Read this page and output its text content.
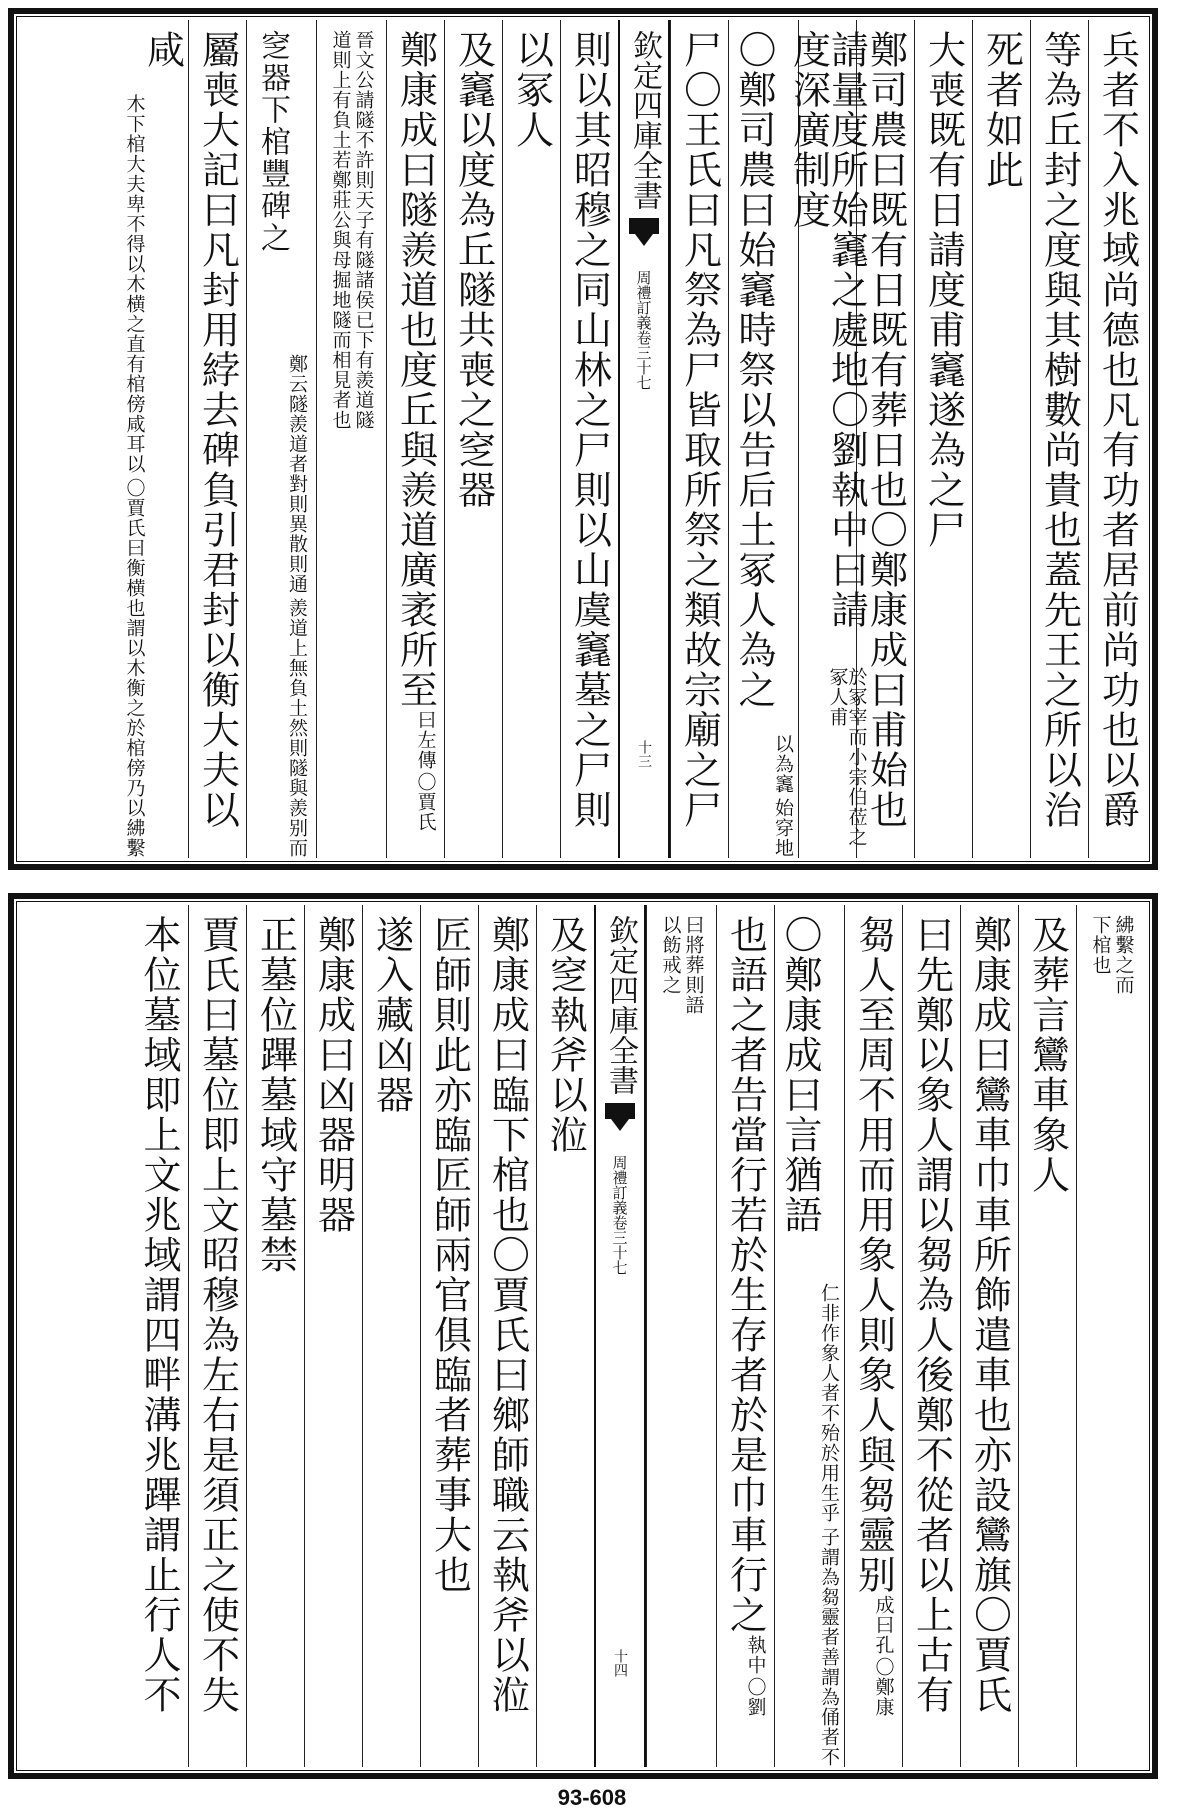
兵者不入兆域尚德也凡有功者居前尚功也以爵
等為丘封之度與其樹數尚貴也蓋先王之所以治
死者如此
大喪既有日請度甫竁遂為之尸
鄭司農曰既有日既有葬日也〇鄭康成曰甫始也
請量度所始竁之處地〇劉執中曰請度深廣制度
於冢宰而小宗伯莅之冢人甫
始穿地
以為竁
〇鄭司農曰始竁時祭以告后土冢人為之
尸〇王氏曰凡祭為尸皆取所祭之類故宗廟之尸
欽定四庫全書
周禮訂義
卷三十七
十三
則以其昭穆之同山林之尸則以山虞竁墓之尸則
以冢人
及竁以度為丘隧共喪之窆器
鄭康成曰隧羨道也度丘與羨道廣袤所至
〇賈氏
曰左傳
晉文公請隧不許則天子有隧諸侯已下有羨道隧
道則上有負土若鄭莊公與母掘地隧而相見者也
羨道上無負土然則隧與羨别而
鄭云隧羨道者對則異散則通
窆器下棺豐碑之
屬喪大記曰凡封用綍去碑負引君封以衡大夫以
咸
〇賈氏曰衡横也謂以木衡之於棺傍乃以紼繫
木下棺大夫卑不得以木横之直有棺傍咸耳以
紼繫之而
下棺也
及葬言鸞車象人
鄭康成曰鸞車巾車所飾遣車也亦設鸞旗〇賈氏
曰先鄭以象人謂以芻為人後鄭不從者以上古有
芻人至周不用而用象人則象人與芻靈别
〇鄭康
成曰孔
子謂為芻靈者善謂為俑者不
仁非作象人者不殆於用生乎
〇鄭康成曰言猶語
也語之者告當行若於生存者於是巾車行之
〇劉
執中
曰將葬則語
以飭戒之
欽定四庫全書
周禮訂義
卷三十七
十四
及窆執斧以涖
鄭康成曰臨下棺也〇賈氏曰鄉師職云執斧以涖
匠師則此亦臨匠師兩官俱臨者葬事大也
遂入藏凶器
鄭康成曰凶器明器
正墓位蹕墓域守墓禁
賈氏曰墓位即上文昭穆為左右是須正之使不失
本位墓域即上文兆域謂四畔溝兆蹕謂止行人不
93-608
